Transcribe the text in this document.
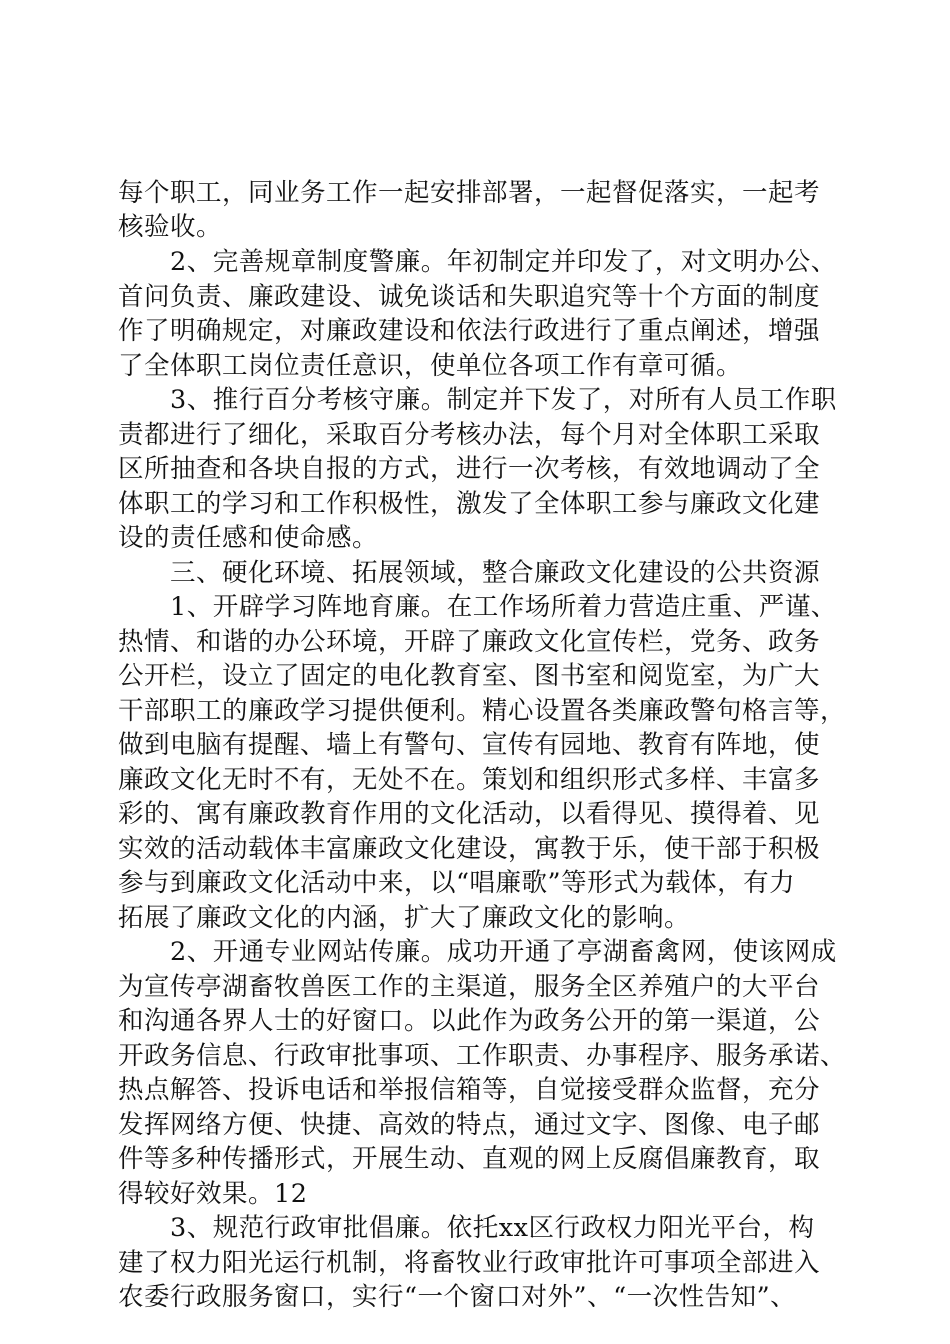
每个职工，同业务工作一起安排部署，一起督促落实，一起考
核验收。
2、完善规章制度警廉。年初制定并印发了，对文明办公、
首问负责、廉政建设、诚免谈话和失职追究等十个方面的制度
作了明确规定，对廉政建设和依法行政进行了重点阐述，增强
了全体职工岗位责任意识，使单位各项工作有章可循。
3、推行百分考核守廉。制定并下发了，对所有人员工作职
责都进行了细化，采取百分考核办法，每个月对全体职工采取
区所抽查和各块自报的方式，进行一次考核，有效地调动了全
体职工的学习和工作积极性，激发了全体职工参与廉政文化建
设的责任感和使命感。
三、硬化环境、拓展领域，整合廉政文化建设的公共资源
1、开辟学习阵地育廉。在工作场所着力营造庄重、严谨、
热情、和谐的办公环境，开辟了廉政文化宣传栏，党务、政务
公开栏，设立了固定的电化教育室、图书室和阅览室，为广大
干部职工的廉政学习提供便利。精心设置各类廉政警句格言等，
做到电脑有提醒、墙上有警句、宣传有园地、教育有阵地，使
廉政文化无时不有，无处不在。策划和组织形式多样、丰富多
彩的、寓有廉政教育作用的文化活动，以看得见、摸得着、见
实效的活动载体丰富廉政文化建设，寓教于乐，使干部于积极
参与到廉政文化活动中来，以“唱廉歌”等形式为载体，有力
拓展了廉政文化的内涵，扩大了廉政文化的影响。
2、开通专业网站传廉。成功开通了亭湖畜禽网，使该网成
为宣传亭湖畜牧兽医工作的主渠道，服务全区养殖户的大平台
和沟通各界人士的好窗口。以此作为政务公开的第一渠道，公
开政务信息、行政审批事项、工作职责、办事程序、服务承诺、
热点解答、投诉电话和举报信箱等，自觉接受群众监督，充分
发挥网络方便、快捷、高效的特点，通过文字、图像、电子邮
件等多种传播形式，开展生动、直观的网上反腐倡廉教育，取
得较好效果。12
3、规范行政审批倡廉。依托xx区行政权力阳光平台，构
建了权力阳光运行机制，将畜牧业行政审批许可事项全部进入
农委行政服务窗口，实行“一个窗口对外”、“一次性告知”、
